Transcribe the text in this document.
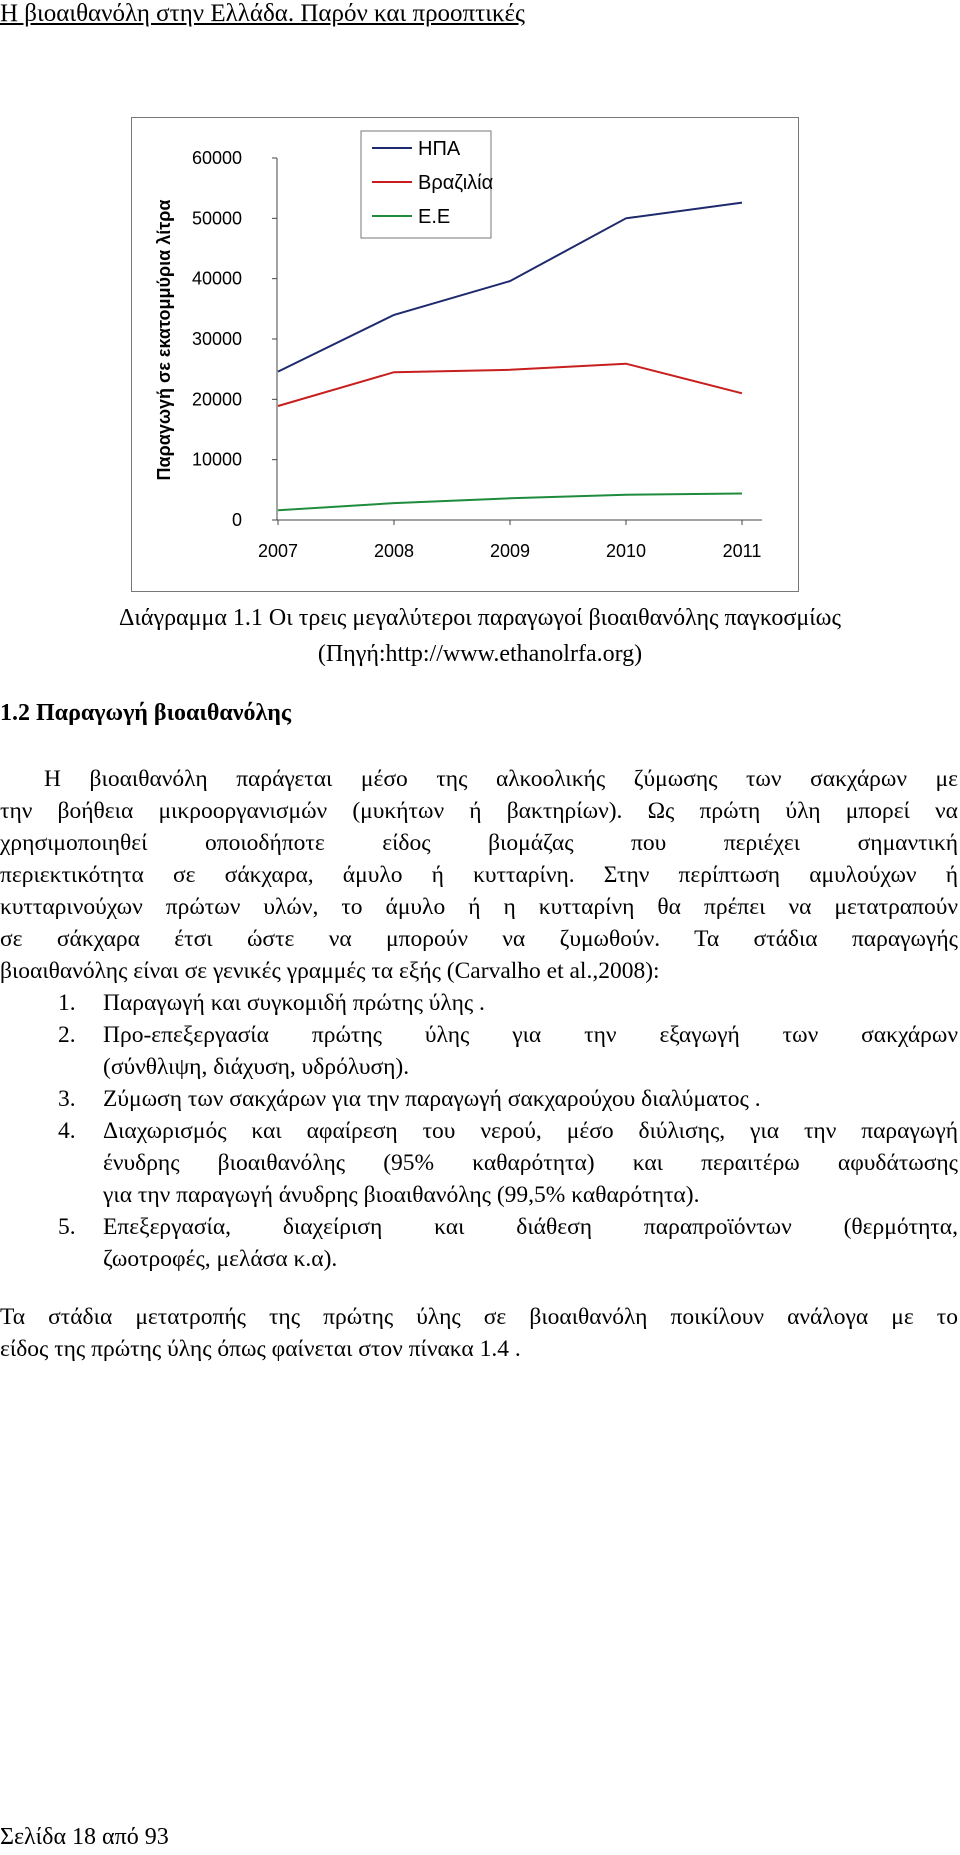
Η βιοαιθανόλη στην Ελλάδα. Παρόν και προοπτικές
Παραγωγή σε εκατομμύρια λίτρα
0
10000
20000
30000
40000
50000
60000
2007	2008	2009	2010	2011
ΗΠΑ
Βραζιλία
Ε.Ε
Διάγραμμα 1.1 Οι τρεις μεγαλύτεροι παραγωγοί βιοαιθανόλης παγκοσμίως
(Πηγή:http://www.ethanolrfa.org)
1.2 Παραγωγή βιοαιθανόλης
Η βιοαιθανόλη παράγεται μέσο της αλκοολικής ζύμωσης των σακχάρων με
την βοήθεια μικροοργανισμών (μυκήτων ή βακτηρίων). Ως πρώτη ύλη μπορεί να
χρησιμοποιηθεί οποιοδήποτε είδος βιομάζας που περιέχει σημαντική
περιεκτικότητα σε σάκχαρα, άμυλο ή κυτταρίνη. Στην περίπτωση αμυλούχων ή
κυτταρινούχων πρώτων υλών, το άμυλο ή η κυτταρίνη θα πρέπει να μετατραπούν
σε σάκχαρα έτσι ώστε να μπορούν να ζυμωθούν. Τα στάδια παραγωγής
βιοαιθανόλης είναι σε γενικές γραμμές τα εξής (Carvalho et al.,2008):
1. Παραγωγή και συγκομιδή πρώτης ύλης .
2. Προ-επεξεργασία πρώτης ύλης για την εξαγωγή των σακχάρων
(σύνθλιψη, διάχυση, υδρόλυση).
3. Ζύμωση των σακχάρων για την παραγωγή σακχαρούχου διαλύματος .
4. Διαχωρισμός και αφαίρεση του νερού, μέσο διύλισης, για την παραγωγή
ένυδρης βιοαιθανόλης (95% καθαρότητα) και περαιτέρω αφυδάτωσης
για την παραγωγή άνυδρης βιοαιθανόλης (99,5% καθαρότητα).
5. Επεξεργασία, διαχείριση και διάθεση παραπροϊόντων (θερμότητα,
ζωοτροφές, μελάσα κ.α).
Τα στάδια μετατροπής της πρώτης ύλης σε βιοαιθανόλη ποικίλουν ανάλογα με το
είδος της πρώτης ύλης όπως φαίνεται στον πίνακα 1.4 .
Σελίδα 18 από 93
